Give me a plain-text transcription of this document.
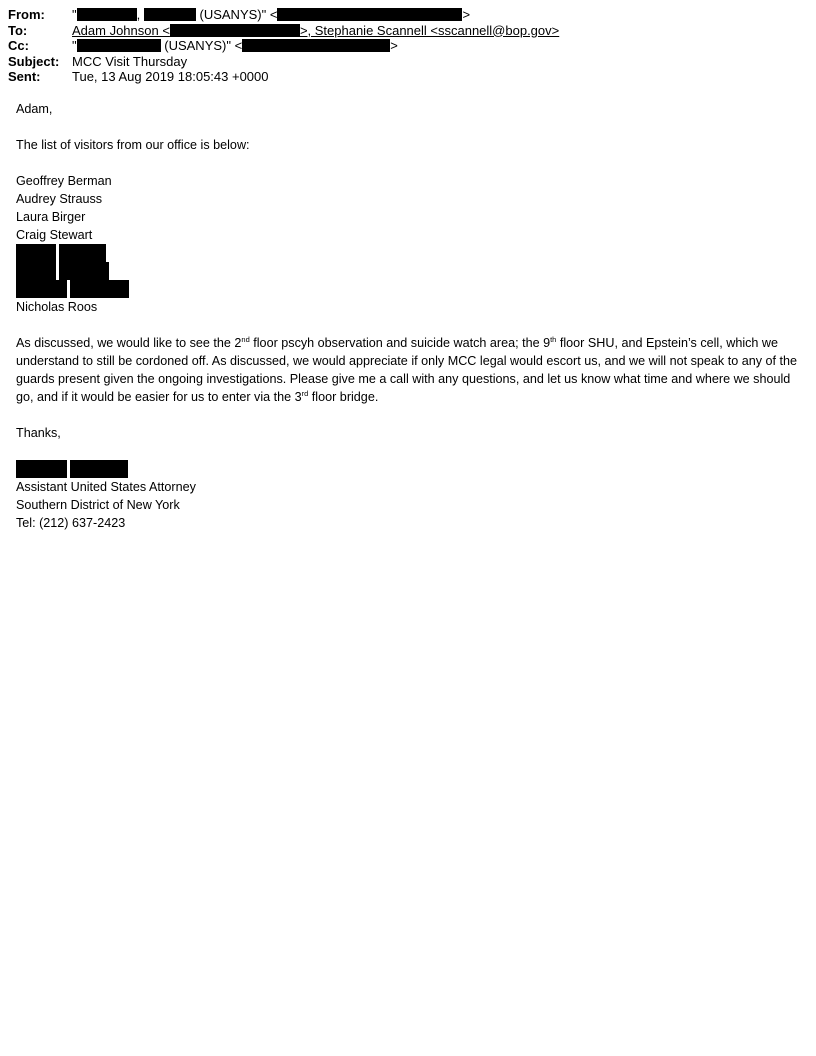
From: "	,	(USANYS)" <	>
To:	Adam Johnson <	>, Stephanie Scannell <sscannell@bop.gov>
Cc:	"	(USANYS)" <	>
Subject: MCC Visit Thursday
Sent: Tue, 13 Aug 2019 18:05:43 +0000

Adam,

The list of visitors from our office is below:

Geoffrey Berman

Audrey Strauss

Laura Birger

Craig Stewart

Nicholas Roos

As discussed, we would like to see the 2nd floor pscyh observation and suicide watch area; the 9th floor SHU, and Epstein’s cell, which we understand to still be cordoned off. As discussed, we would appreciate if only MCC legal would escort us, and we will not speak to any of the guards present given the ongoing investigations. Please give me a call with any questions, and let us know what time and where we should go, and if it would be easier for us to enter via the 3rd floor bridge.

Thanks,

Assistant United States Attorney

Southern District of New York

Tel: (212) 637-2423
